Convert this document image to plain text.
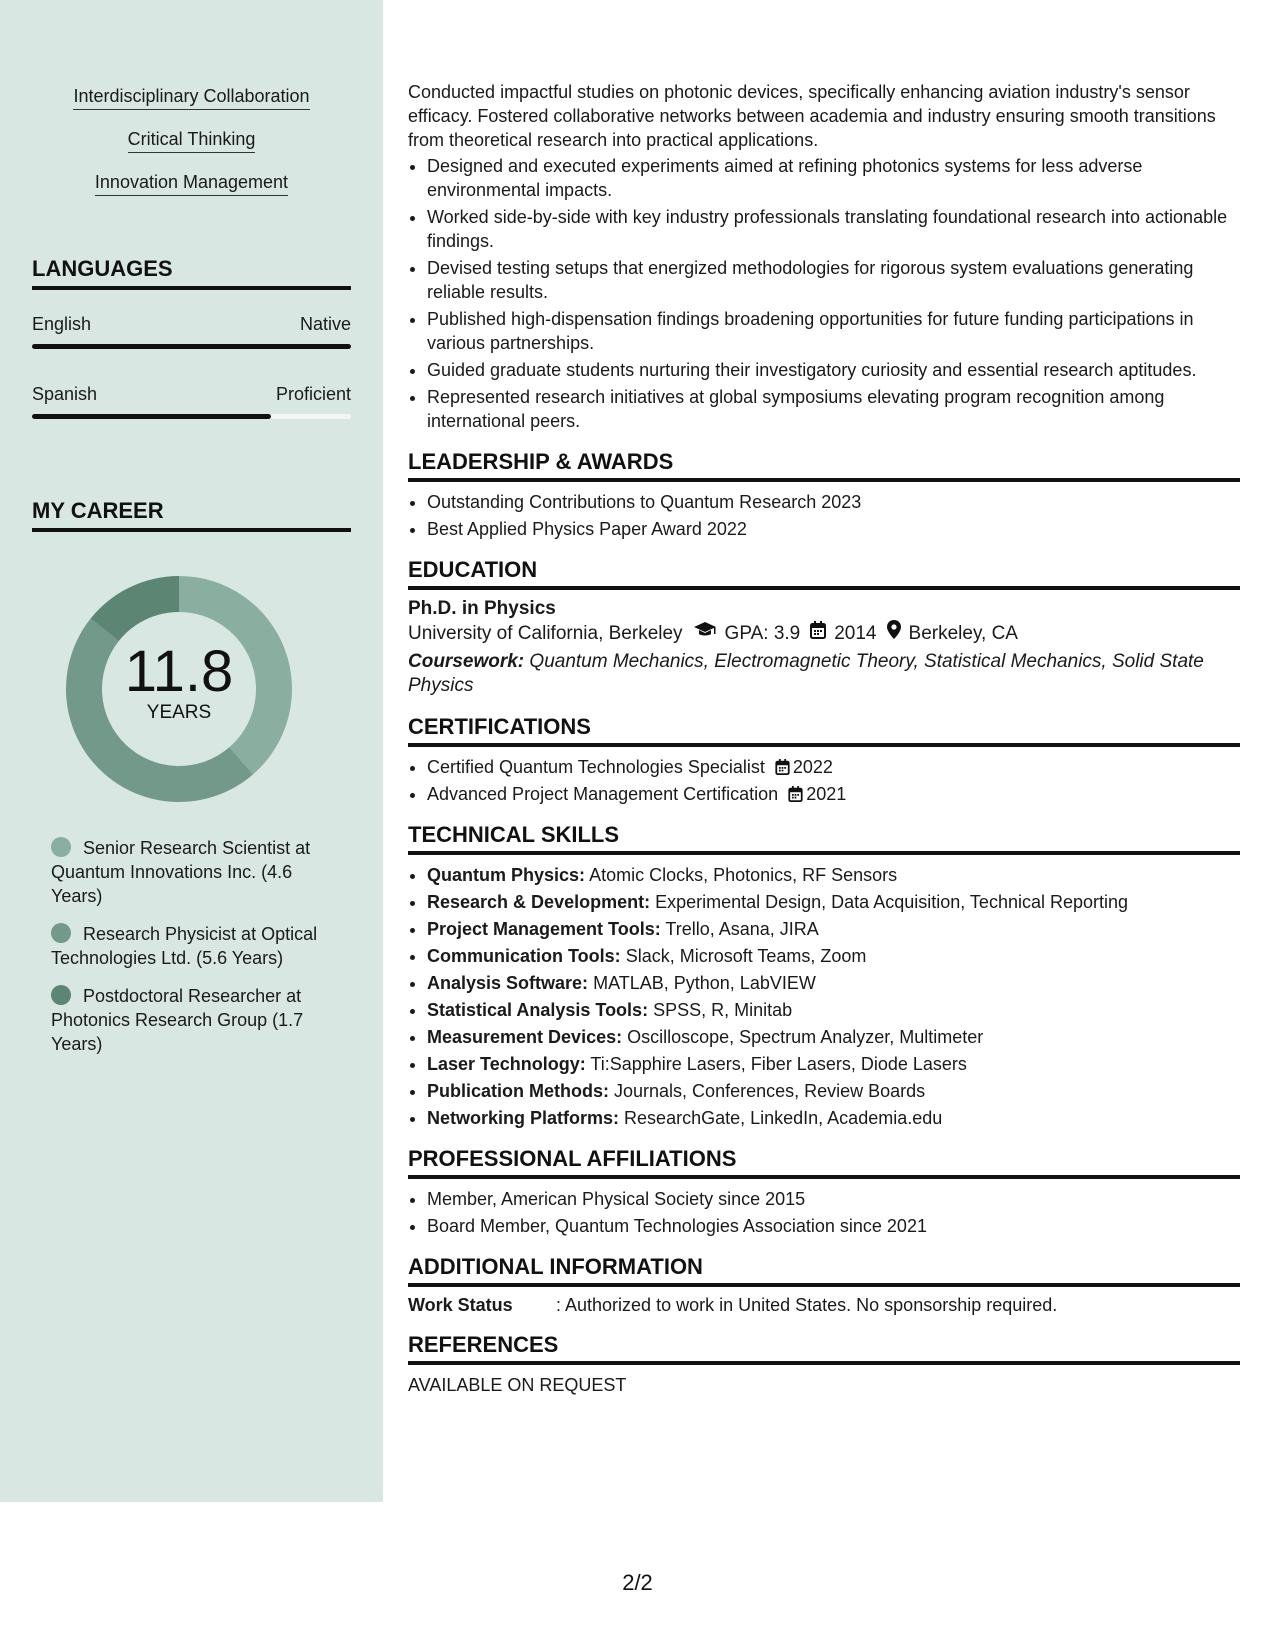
Interdisciplinary Collaboration
Critical Thinking
Innovation Management
LANGUAGES
English	Native
Spanish	Proficient
MY CAREER
11.8
YEARS
Senior Research Scientist at Quantum Innovations Inc. (4.6 Years)
Research Physicist at Optical Technologies Ltd. (5.6 Years)
Postdoctoral Researcher at Photonics Research Group (1.7 Years)

Conducted impactful studies on photonic devices, specifically enhancing aviation industry's sensor efficacy. Fostered collaborative networks between academia and industry ensuring smooth transitions from theoretical research into practical applications.

• Designed and executed experiments aimed at refining photonics systems for less adverse environmental impacts.
• Worked side-by-side with key industry professionals translating foundational research into actionable findings.
• Devised testing setups that energized methodologies for rigorous system evaluations generating reliable results.
• Published high-dispensation findings broadening opportunities for future funding participations in various partnerships.
• Guided graduate students nurturing their investigatory curiosity and essential research aptitudes.
• Represented research initiatives at global symposiums elevating program recognition among international peers.
LEADERSHIP & AWARDS
• Outstanding Contributions to Quantum Research 2023
• Best Applied Physics Paper Award 2022
EDUCATION
Ph.D. in Physics
University of California, Berkeley GPA: 3.9 2014 Berkeley, CA
Coursework: Quantum Mechanics, Electromagnetic Theory, Statistical Mechanics, Solid State Physics
CERTIFICATIONS
• Certified Quantum Technologies Specialist 2022
• Advanced Project Management Certification 2021
TECHNICAL SKILLS
• Quantum Physics: Atomic Clocks, Photonics, RF Sensors
• Research & Development: Experimental Design, Data Acquisition, Technical Reporting
• Project Management Tools: Trello, Asana, JIRA
• Communication Tools: Slack, Microsoft Teams, Zoom
• Analysis Software: MATLAB, Python, LabVIEW
• Statistical Analysis Tools: SPSS, R, Minitab
• Measurement Devices: Oscilloscope, Spectrum Analyzer, Multimeter
• Laser Technology: Ti:Sapphire Lasers, Fiber Lasers, Diode Lasers
• Publication Methods: Journals, Conferences, Review Boards
• Networking Platforms: ResearchGate, LinkedIn, Academia.edu
PROFESSIONAL AFFILIATIONS
• Member, American Physical Society since 2015
• Board Member, Quantum Technologies Association since 2021
ADDITIONAL INFORMATION
Work Status	: Authorized to work in United States. No sponsorship required.
REFERENCES
AVAILABLE ON REQUEST
2/2
